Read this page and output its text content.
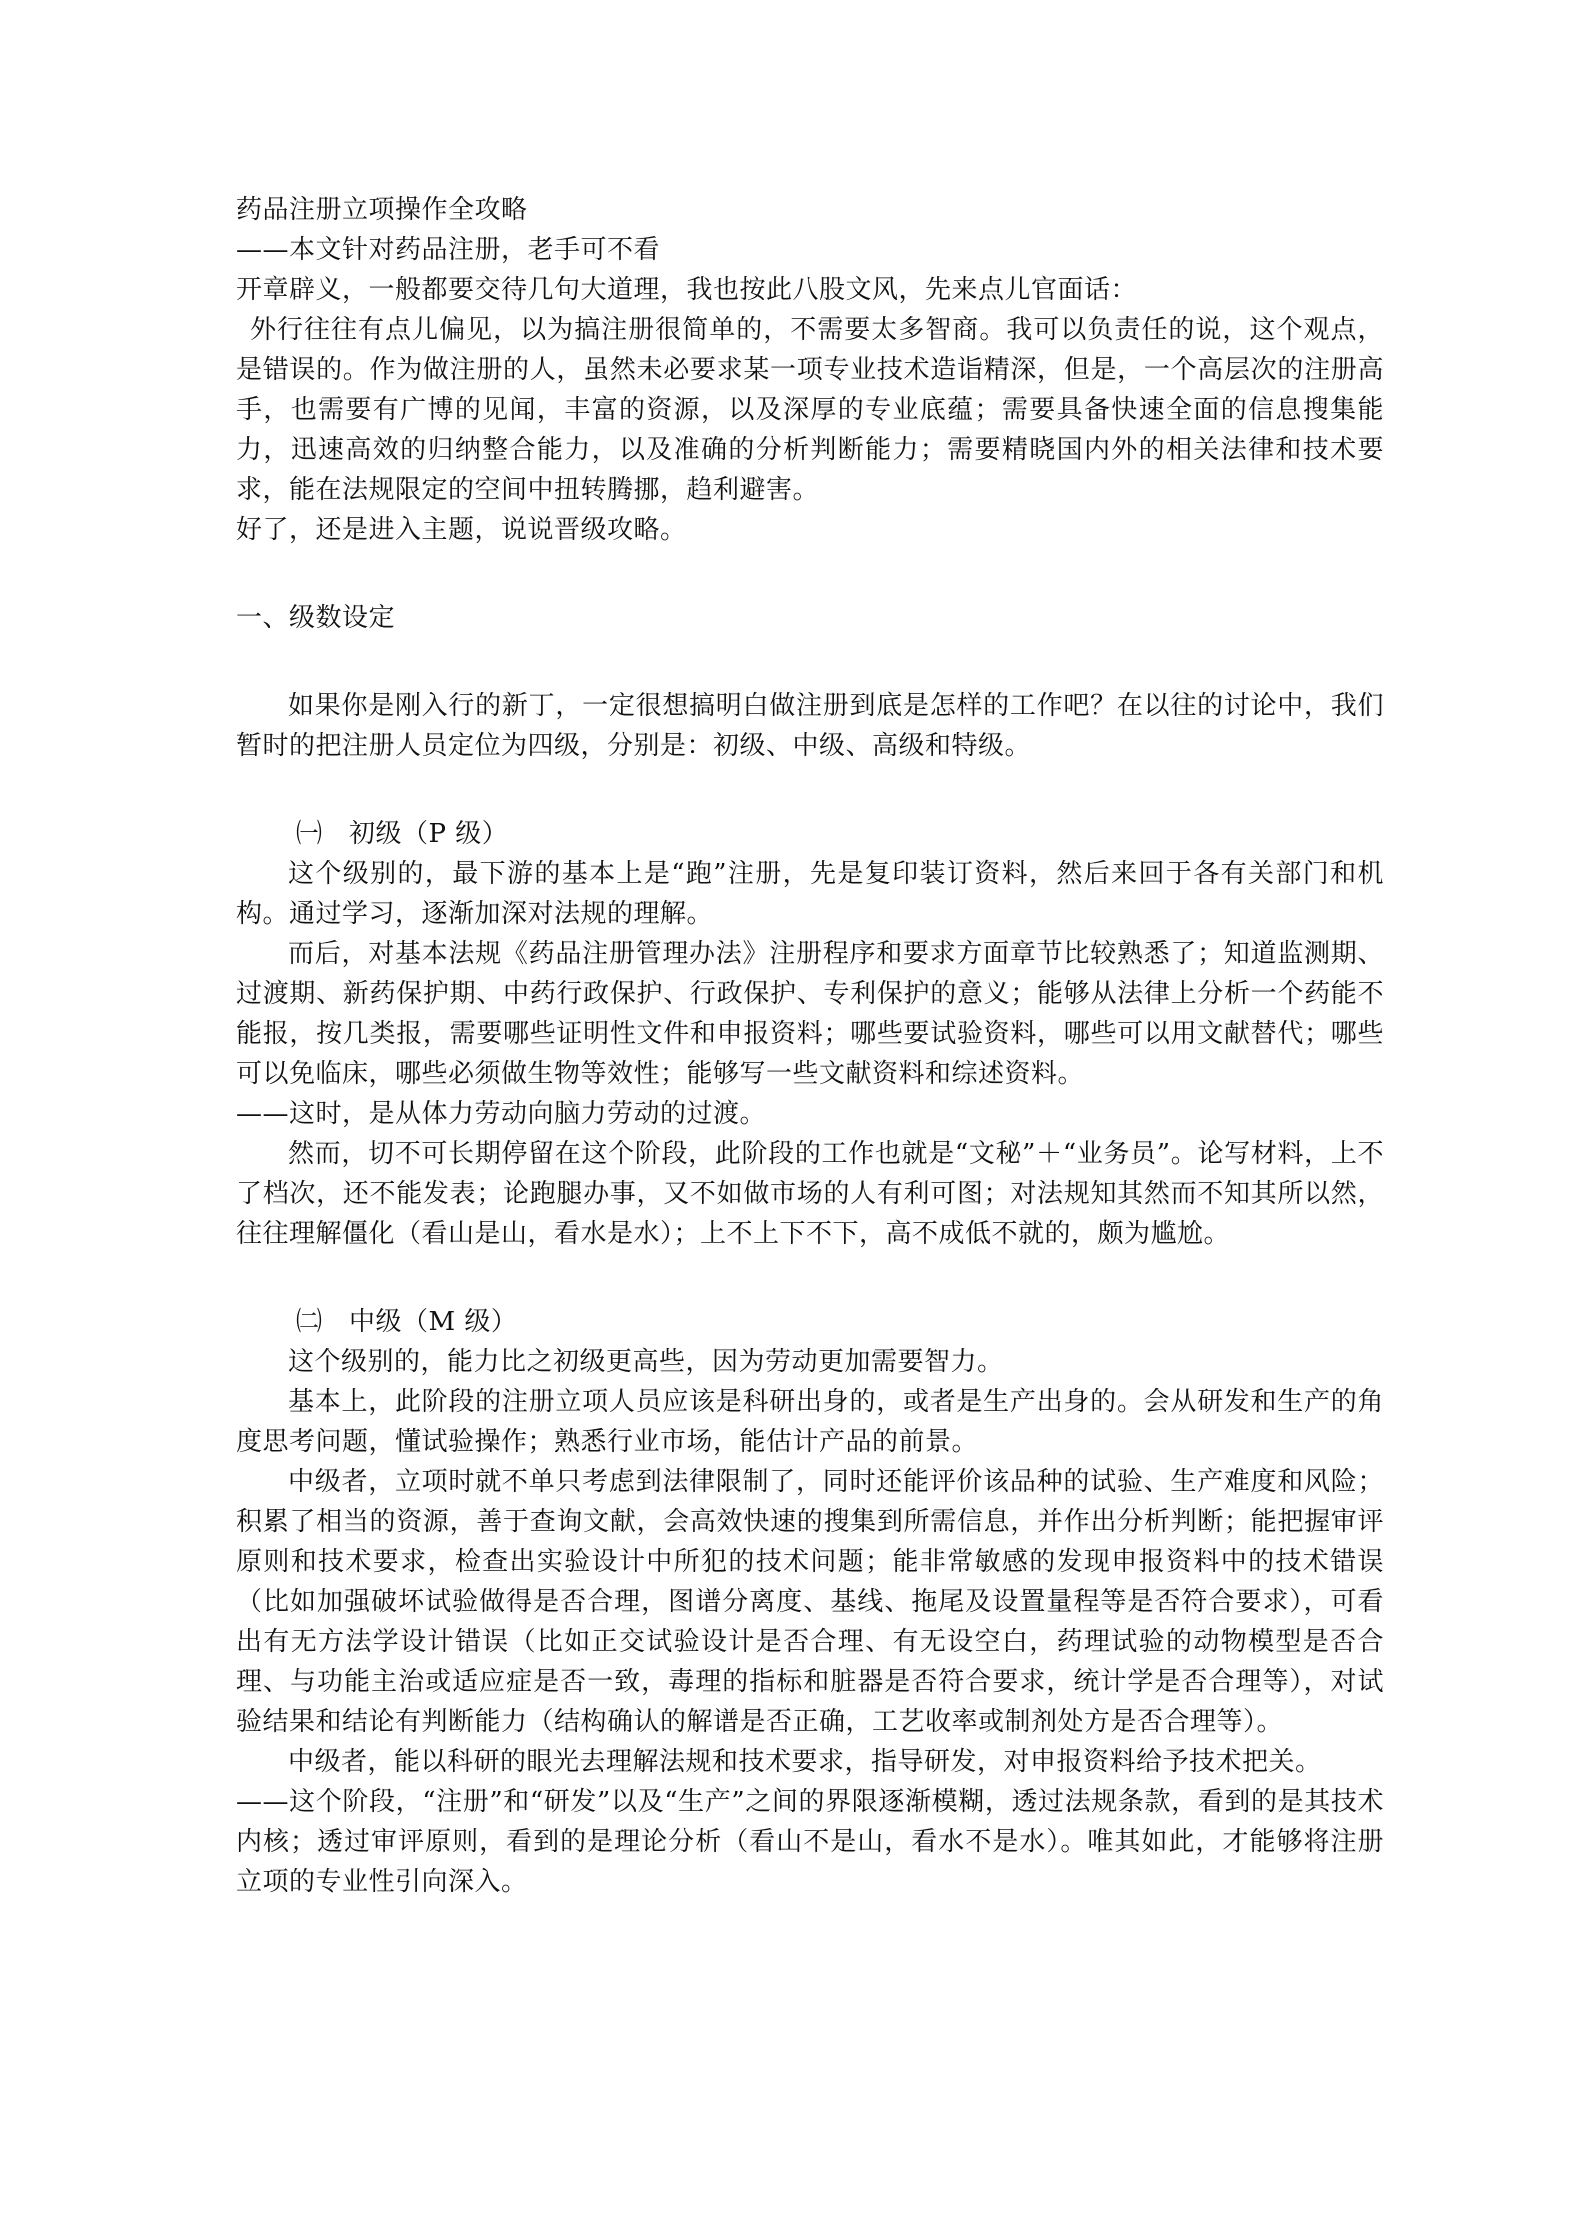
药品注册立项操作全攻略

——本文针对药品注册，老手可不看

开章辟义，一般都要交待几句大道理，我也按此八股文风，先来点儿官面话：

外行往往有点儿偏见，以为搞注册很简单的，不需要太多智商。我可以负责任的说，这个观点，是错误的。作为做注册的人，虽然未必要求某一项专业技术造诣精深，但是，一个高层次的注册高手，也需要有广博的见闻，丰富的资源，以及深厚的专业底蕴；需要具备快速全面的信息搜集能力，迅速高效的归纳整合能力，以及准确的分析判断能力；需要精晓国内外的相关法律和技术要求，能在法规限定的空间中扭转腾挪，趋利避害。

好了，还是进入主题，说说晋级攻略。

一、级数设定

如果你是刚入行的新丁，一定很想搞明白做注册到底是怎样的工作吧？在以往的讨论中，我们暂时的把注册人员定位为四级，分别是：初级、中级、高级和特级。

㈠　初级（P 级）

这个级别的，最下游的基本上是“跑”注册，先是复印装订资料，然后来回于各有关部门和机构。通过学习，逐渐加深对法规的理解。

而后，对基本法规《药品注册管理办法》注册程序和要求方面章节比较熟悉了；知道监测期、过渡期、新药保护期、中药行政保护、行政保护、专利保护的意义；能够从法律上分析一个药能不能报，按几类报，需要哪些证明性文件和申报资料；哪些要试验资料，哪些可以用文献替代；哪些可以免临床，哪些必须做生物等效性；能够写一些文献资料和综述资料。

——这时，是从体力劳动向脑力劳动的过渡。

然而，切不可长期停留在这个阶段，此阶段的工作也就是“文秘”＋“业务员”。论写材料，上不了档次，还不能发表；论跑腿办事，又不如做市场的人有利可图；对法规知其然而不知其所以然，往往理解僵化（看山是山，看水是水）；上不上下不下，高不成低不就的，颇为尴尬。

㈡　中级（M 级）

这个级别的，能力比之初级更高些，因为劳动更加需要智力。

基本上，此阶段的注册立项人员应该是科研出身的，或者是生产出身的。会从研发和生产的角度思考问题，懂试验操作；熟悉行业市场，能估计产品的前景。

中级者，立项时就不单只考虑到法律限制了，同时还能评价该品种的试验、生产难度和风险；积累了相当的资源，善于查询文献，会高效快速的搜集到所需信息，并作出分析判断；能把握审评原则和技术要求，检查出实验设计中所犯的技术问题；能非常敏感的发现申报资料中的技术错误（比如加强破坏试验做得是否合理，图谱分离度、基线、拖尾及设置量程等是否符合要求），可看出有无方法学设计错误（比如正交试验设计是否合理、有无设空白，药理试验的动物模型是否合理、与功能主治或适应症是否一致，毒理的指标和脏器是否符合要求，统计学是否合理等），对试验结果和结论有判断能力（结构确认的解谱是否正确，工艺收率或制剂处方是否合理等）。

中级者，能以科研的眼光去理解法规和技术要求，指导研发，对申报资料给予技术把关。

——这个阶段，“注册”和“研发”以及“生产”之间的界限逐渐模糊，透过法规条款，看到的是其技术内核；透过审评原则，看到的是理论分析（看山不是山，看水不是水）。唯其如此，才能够将注册立项的专业性引向深入。
